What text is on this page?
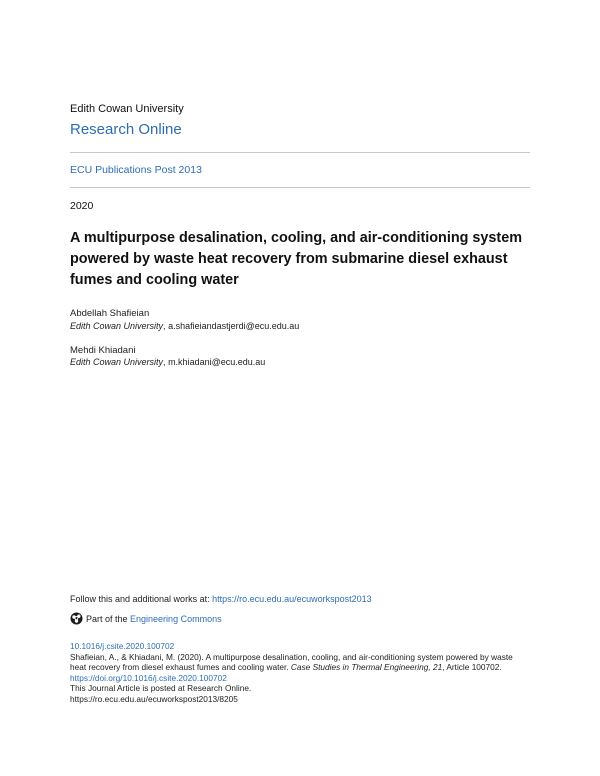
Edith Cowan University
Research Online
ECU Publications Post 2013
2020
A multipurpose desalination, cooling, and air-conditioning system powered by waste heat recovery from submarine diesel exhaust fumes and cooling water
Abdellah Shafieian
Edith Cowan University, a.shafieiandastjerdi@ecu.edu.au
Mehdi Khiadani
Edith Cowan University, m.khiadani@ecu.edu.au
Follow this and additional works at: https://ro.ecu.edu.au/ecuworkspost2013
Part of the Engineering Commons
10.1016/j.csite.2020.100702
Shafieian, A., & Khiadani, M. (2020). A multipurpose desalination, cooling, and air-conditioning system powered by waste heat recovery from diesel exhaust fumes and cooling water. Case Studies in Thermal Engineering, 21, Article 100702. https://doi.org/10.1016/j.csite.2020.100702
This Journal Article is posted at Research Online.
https://ro.ecu.edu.au/ecuworkspost2013/8205
